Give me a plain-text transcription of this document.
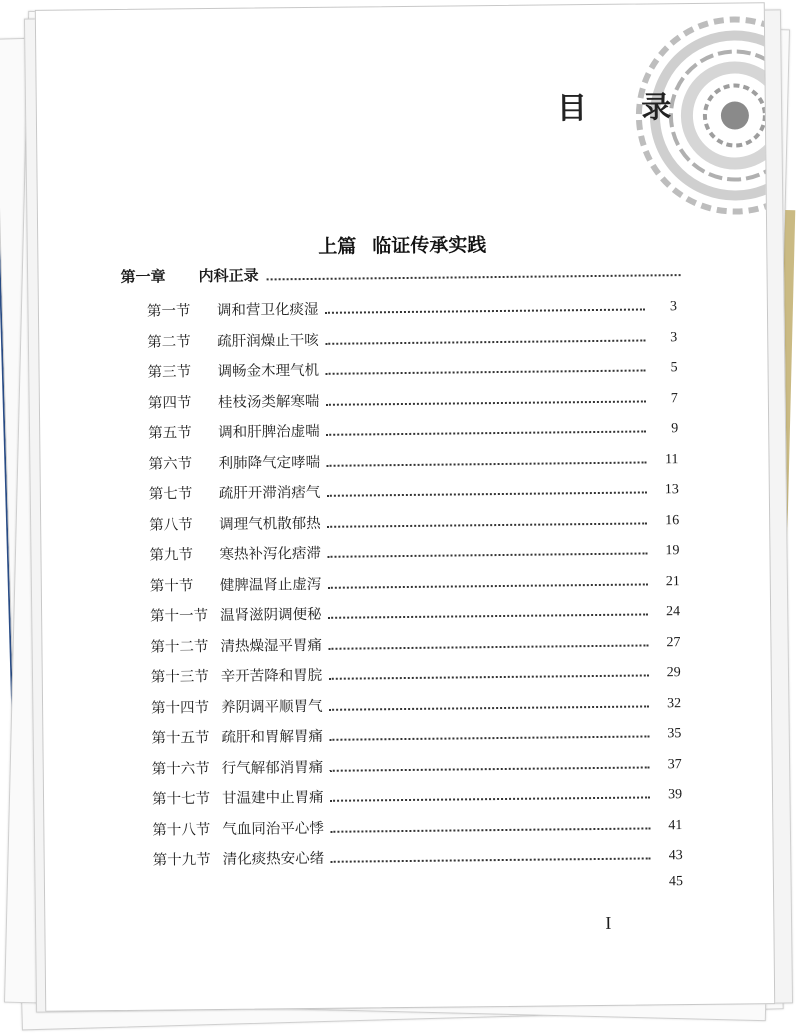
目 录
上篇 临证传承实践
第一章	内科正录
第一节	调和营卫化痰湿	3
第二节	疏肝润燥止干咳	3
第三节	调畅金木理气机	5
第四节	桂枝汤类解寒喘	7
第五节	调和肝脾治虚喘	9
第六节	利肺降气定哮喘	11
第七节	疏肝开滞消痞气	13
第八节	调理气机散郁热	16
第九节	寒热补泻化痞滞	19
第十节	健脾温肾止虚泻	21
第十一节 温肾滋阴调便秘	24
第十二节 清热燥湿平胃痛	27
第十三节 辛开苦降和胃脘	29
第十四节 养阴调平顺胃气	32
第十五节 疏肝和胃解胃痛	35
第十六节 行气解郁消胃痛	37
第十七节 甘温建中止胃痛	39
第十八节 气血同治平心悸	41
第十九节 清化痰热安心绪	43
45
I
